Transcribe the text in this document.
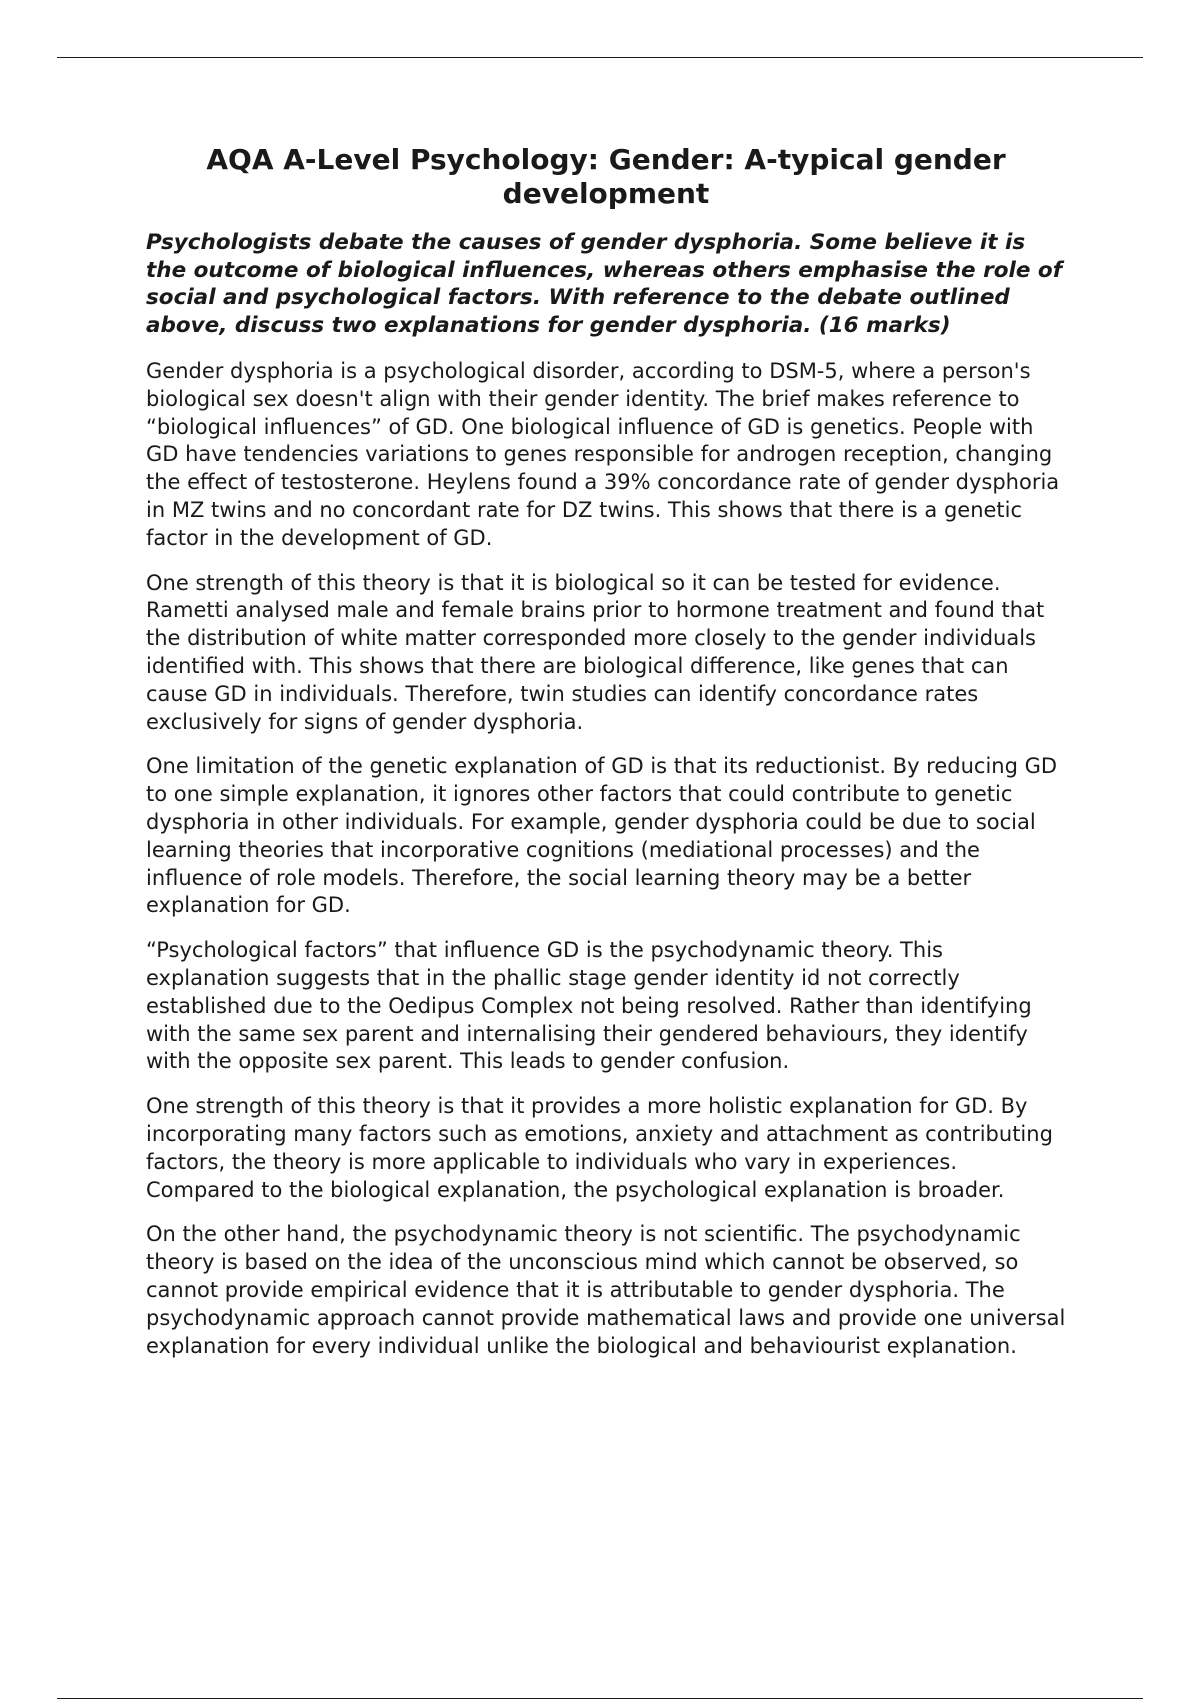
AQA A-Level Psychology: Gender: A-typical gender development

Psychologists debate the causes of gender dysphoria. Some believe it is the outcome of biological influences, whereas others emphasise the role of social and psychological factors. With reference to the debate outlined above, discuss two explanations for gender dysphoria. (16 marks)

Gender dysphoria is a psychological disorder, according to DSM-5, where a person's biological sex doesn't align with their gender identity. The brief makes reference to “biological influences” of GD. One biological influence of GD is genetics. People with GD have tendencies variations to genes responsible for androgen reception, changing the effect of testosterone. Heylens found a 39% concordance rate of gender dysphoria in MZ twins and no concordant rate for DZ twins. This shows that there is a genetic factor in the development of GD.

One strength of this theory is that it is biological so it can be tested for evidence. Rametti analysed male and female brains prior to hormone treatment and found that the distribution of white matter corresponded more closely to the gender individuals identified with. This shows that there are biological difference, like genes that can cause GD in individuals. Therefore, twin studies can identify concordance rates exclusively for signs of gender dysphoria.

One limitation of the genetic explanation of GD is that its reductionist. By reducing GD to one simple explanation, it ignores other factors that could contribute to genetic dysphoria in other individuals. For example, gender dysphoria could be due to social learning theories that incorporative cognitions (mediational processes) and the influence of role models. Therefore, the social learning theory may be a better explanation for GD.

“Psychological factors” that influence GD is the psychodynamic theory. This explanation suggests that in the phallic stage gender identity id not correctly established due to the Oedipus Complex not being resolved. Rather than identifying with the same sex parent and internalising their gendered behaviours, they identify with the opposite sex parent. This leads to gender confusion.

One strength of this theory is that it provides a more holistic explanation for GD. By incorporating many factors such as emotions, anxiety and attachment as contributing factors, the theory is more applicable to individuals who vary in experiences. Compared to the biological explanation, the psychological explanation is broader.

On the other hand, the psychodynamic theory is not scientific. The psychodynamic theory is based on the idea of the unconscious mind which cannot be observed, so cannot provide empirical evidence that it is attributable to gender dysphoria. The psychodynamic approach cannot provide mathematical laws and provide one universal explanation for every individual unlike the biological and behaviourist explanation.
